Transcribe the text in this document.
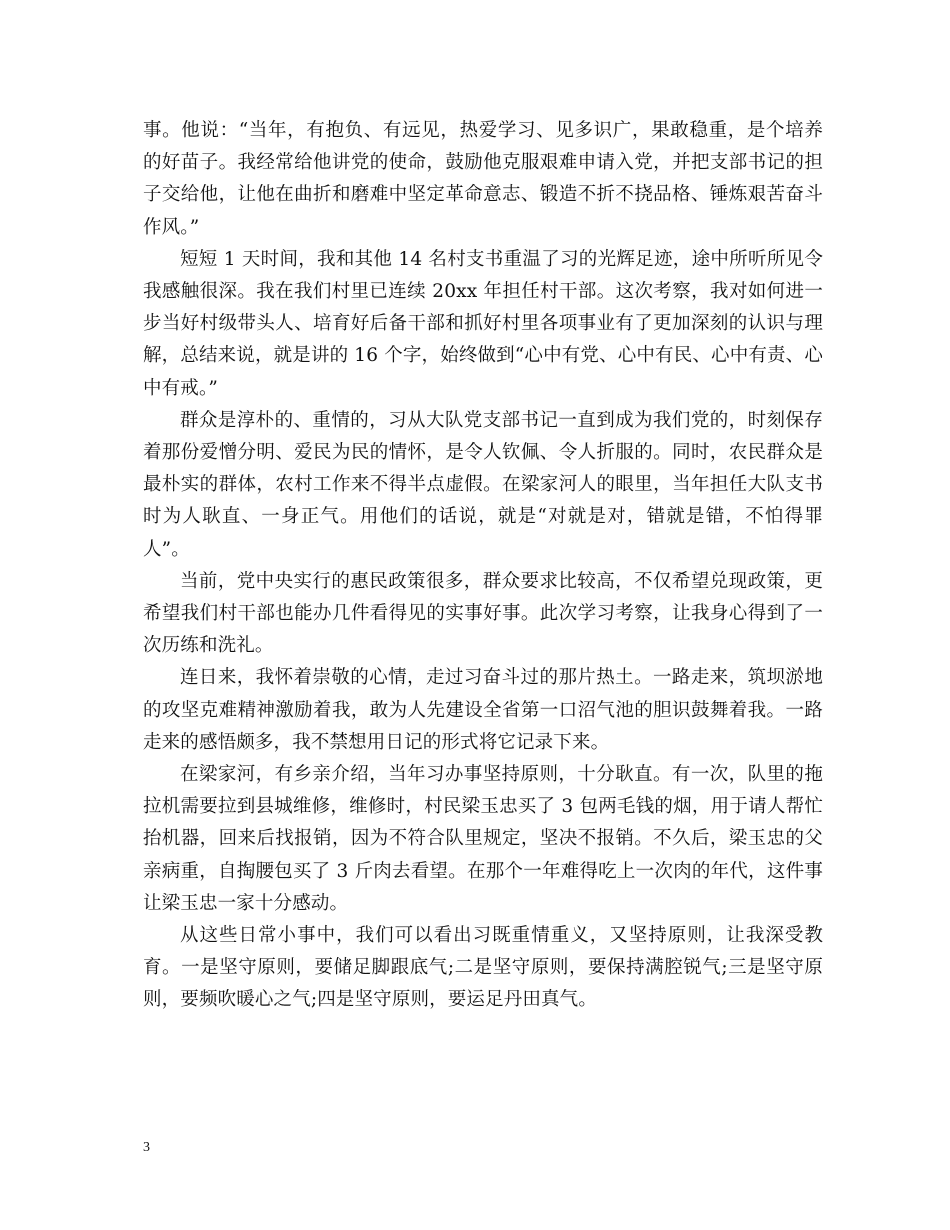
事。他说：“当年，有抱负、有远见，热爱学习、见多识广，果敢稳重，是个培养的好苗子。我经常给他讲党的使命，鼓励他克服艰难申请入党，并把支部书记的担子交给他，让他在曲折和磨难中坚定革命意志、锻造不折不挠品格、锤炼艰苦奋斗作风。”

短短 1 天时间，我和其他 14 名村支书重温了习的光辉足迹，途中所听所见令我感触很深。我在我们村里已连续 20xx 年担任村干部。这次考察，我对如何进一步当好村级带头人、培育好后备干部和抓好村里各项事业有了更加深刻的认识与理解，总结来说，就是讲的 16 个字，始终做到“心中有党、心中有民、心中有责、心中有戒。”

群众是淳朴的、重情的，习从大队党支部书记一直到成为我们党的，时刻保存着那份爱憎分明、爱民为民的情怀，是令人钦佩、令人折服的。同时，农民群众是最朴实的群体，农村工作来不得半点虚假。在梁家河人的眼里，当年担任大队支书时为人耿直、一身正气。用他们的话说，就是“对就是对，错就是错，不怕得罪人”。

当前，党中央实行的惠民政策很多，群众要求比较高，不仅希望兑现政策，更希望我们村干部也能办几件看得见的实事好事。此次学习考察，让我身心得到了一次历练和洗礼。

连日来，我怀着崇敬的心情，走过习奋斗过的那片热土。一路走来，筑坝淤地的攻坚克难精神激励着我，敢为人先建设全省第一口沼气池的胆识鼓舞着我。一路走来的感悟颇多，我不禁想用日记的形式将它记录下来。

在梁家河，有乡亲介绍，当年习办事坚持原则，十分耿直。有一次，队里的拖拉机需要拉到县城维修，维修时，村民梁玉忠买了 3 包两毛钱的烟，用于请人帮忙抬机器，回来后找报销，因为不符合队里规定，坚决不报销。不久后，梁玉忠的父亲病重，自掏腰包买了 3 斤肉去看望。在那个一年难得吃上一次肉的年代，这件事让梁玉忠一家十分感动。

从这些日常小事中，我们可以看出习既重情重义，又坚持原则，让我深受教育。一是坚守原则，要储足脚跟底气;二是坚守原则，要保持满腔锐气;三是坚守原则，要频吹暖心之气;四是坚守原则，要运足丹田真气。

3
